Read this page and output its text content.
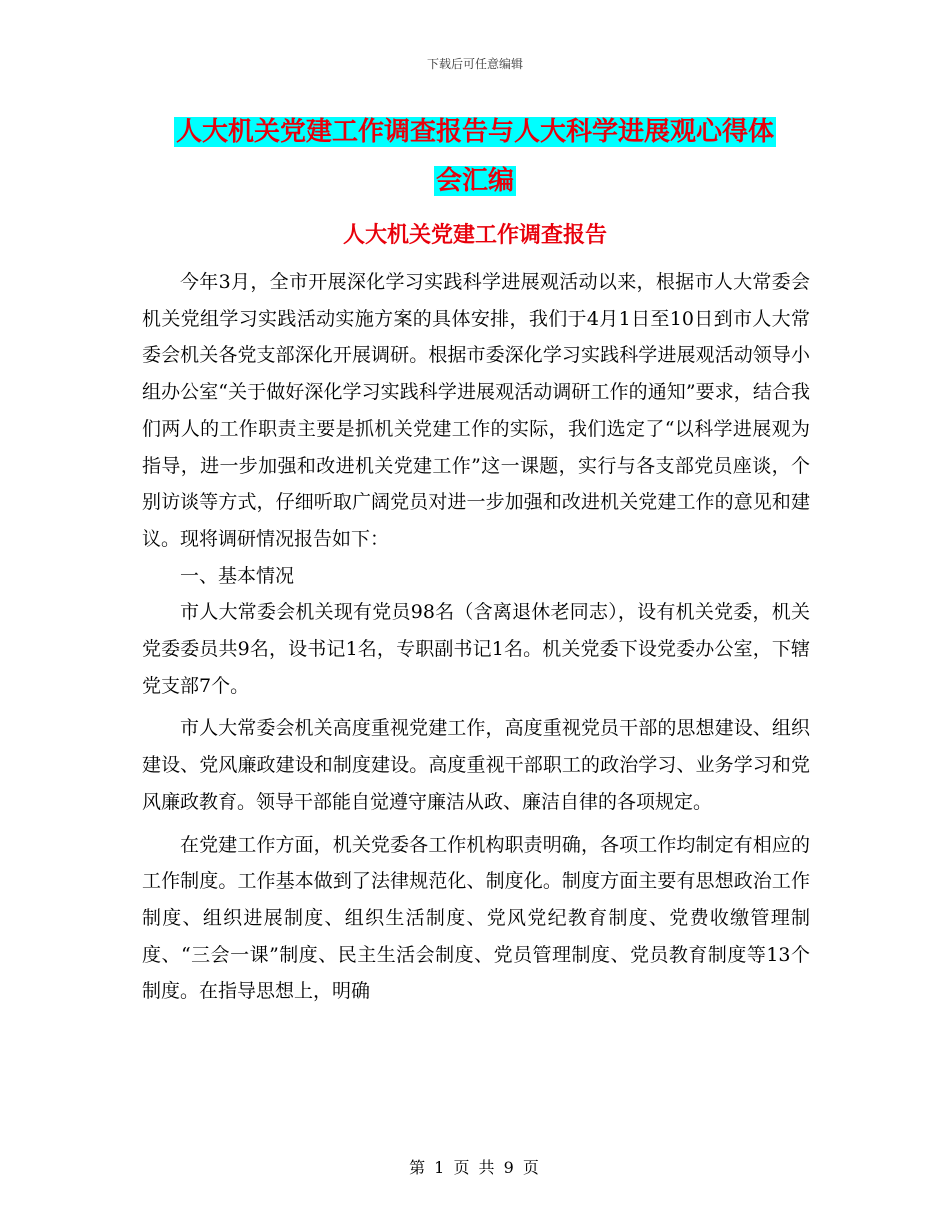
下载后可任意编辑
人大机关党建工作调查报告与人大科学进展观心得体
会汇编
人大机关党建工作调查报告

今年3月，全市开展深化学习实践科学进展观活动以来，根据市人大常委会机关党组学习实践活动实施方案的具体安排，我们于4月1日至10日到市人大常委会机关各党支部深化开展调研。根据市委深化学习实践科学进展观活动领导小组办公室“关于做好深化学习实践科学进展观活动调研工作的通知”要求，结合我们两人的工作职责主要是抓机关党建工作的实际，我们选定了“以科学进展观为指导，进一步加强和改进机关党建工作”这一课题，实行与各支部党员座谈，个别访谈等方式，仔细听取广阔党员对进一步加强和改进机关党建工作的意见和建议。现将调研情况报告如下：

一、基本情况

市人大常委会机关现有党员98名（含离退休老同志），设有机关党委，机关党委委员共9名，设书记1名，专职副书记1名。机关党委下设党委办公室，下辖党支部7个。

市人大常委会机关高度重视党建工作，高度重视党员干部的思想建设、组织建设、党风廉政建设和制度建设。高度重视干部职工的政治学习、业务学习和党风廉政教育。领导干部能自觉遵守廉洁从政、廉洁自律的各项规定。

在党建工作方面，机关党委各工作机构职责明确，各项工作均制定有相应的工作制度。工作基本做到了法律规范化、制度化。制度方面主要有思想政治工作制度、组织进展制度、组织生活制度、党风党纪教育制度、党费收缴管理制度、“三会一课”制度、民主生活会制度、党员管理制度、党员教育制度等13个制度。在指导思想上，明确

第 1 页 共 9 页
